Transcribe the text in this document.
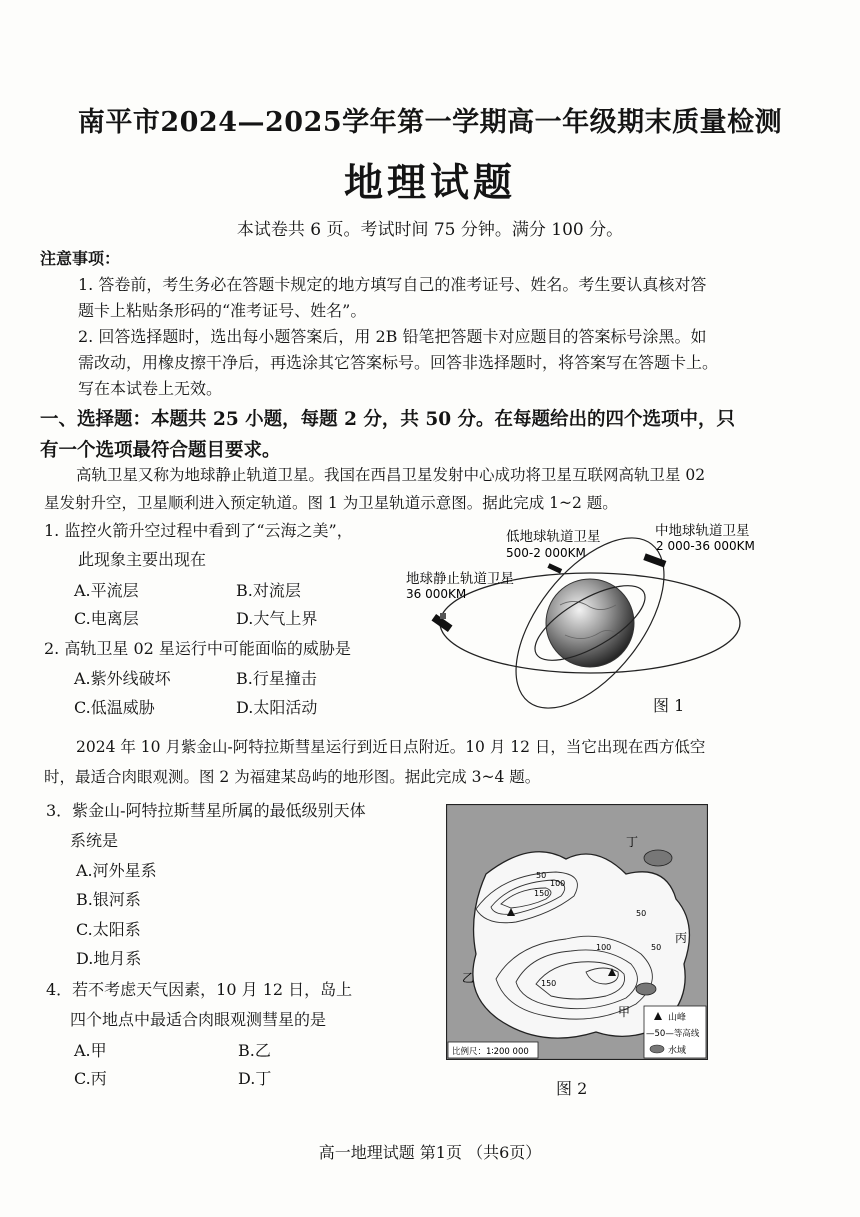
南平市2024—2025学年第一学期高一年级期末质量检测
地理试题
本试卷共 6 页。考试时间 75 分钟。满分 100 分。
注意事项：
1. 答卷前，考生务必在答题卡规定的地方填写自己的准考证号、姓名。考生要认真核对答
题卡上粘贴条形码的“准考证号、姓名”。
2. 回答选择题时，选出每小题答案后，用 2B 铅笔把答题卡对应题目的答案标号涂黑。如
需改动，用橡皮擦干净后，再选涂其它答案标号。回答非选择题时，将答案写在答题卡上。
写在本试卷上无效。
一、选择题：本题共 25 小题，每题 2 分，共 50 分。在每题给出的四个选项中，只
有一个选项最符合题目要求。
高轨卫星又称为地球静止轨道卫星。我国在西昌卫星发射中心成功将卫星互联网高轨卫星 02
星发射升空，卫星顺利进入预定轨道。图 1 为卫星轨道示意图。据此完成 1~2 题。
1. 监控火箭升空过程中看到了“云海之美”，
此现象主要出现在
A.平流层	B.对流层
C.电离层	D.大气上界
2. 高轨卫星 02 星运行中可能面临的威胁是
A.紫外线破坏	B.行星撞击
C.低温威胁	D.太阳活动
低地球轨道卫星
500-2 000KM
中地球轨道卫星
2 000-36 000KM
地球静止轨道卫星
36 000KM
图 1
2024 年 10 月紫金山-阿特拉斯彗星运行到近日点附近。10 月 12 日，当它出现在西方低空
时，最适合肉眼观测。图 2 为福建某岛屿的地形图。据此完成 3~4 题。
3．紫金山-阿特拉斯彗星所属的最低级别天体
系统是
A.河外星系
B.银河系
C.太阳系
D.地月系
4．若不考虑天气因素，10 月 12 日，岛上
四个地点中最适合肉眼观测彗星的是
A.甲	B.乙
C.丙	D.丁
50
100
150
50
100
150
50
丁
丙
乙
甲
比例尺：1∶200 000
山峰
—50—等高线
水域
图 2
高一地理试题 第1页 （共6页）
